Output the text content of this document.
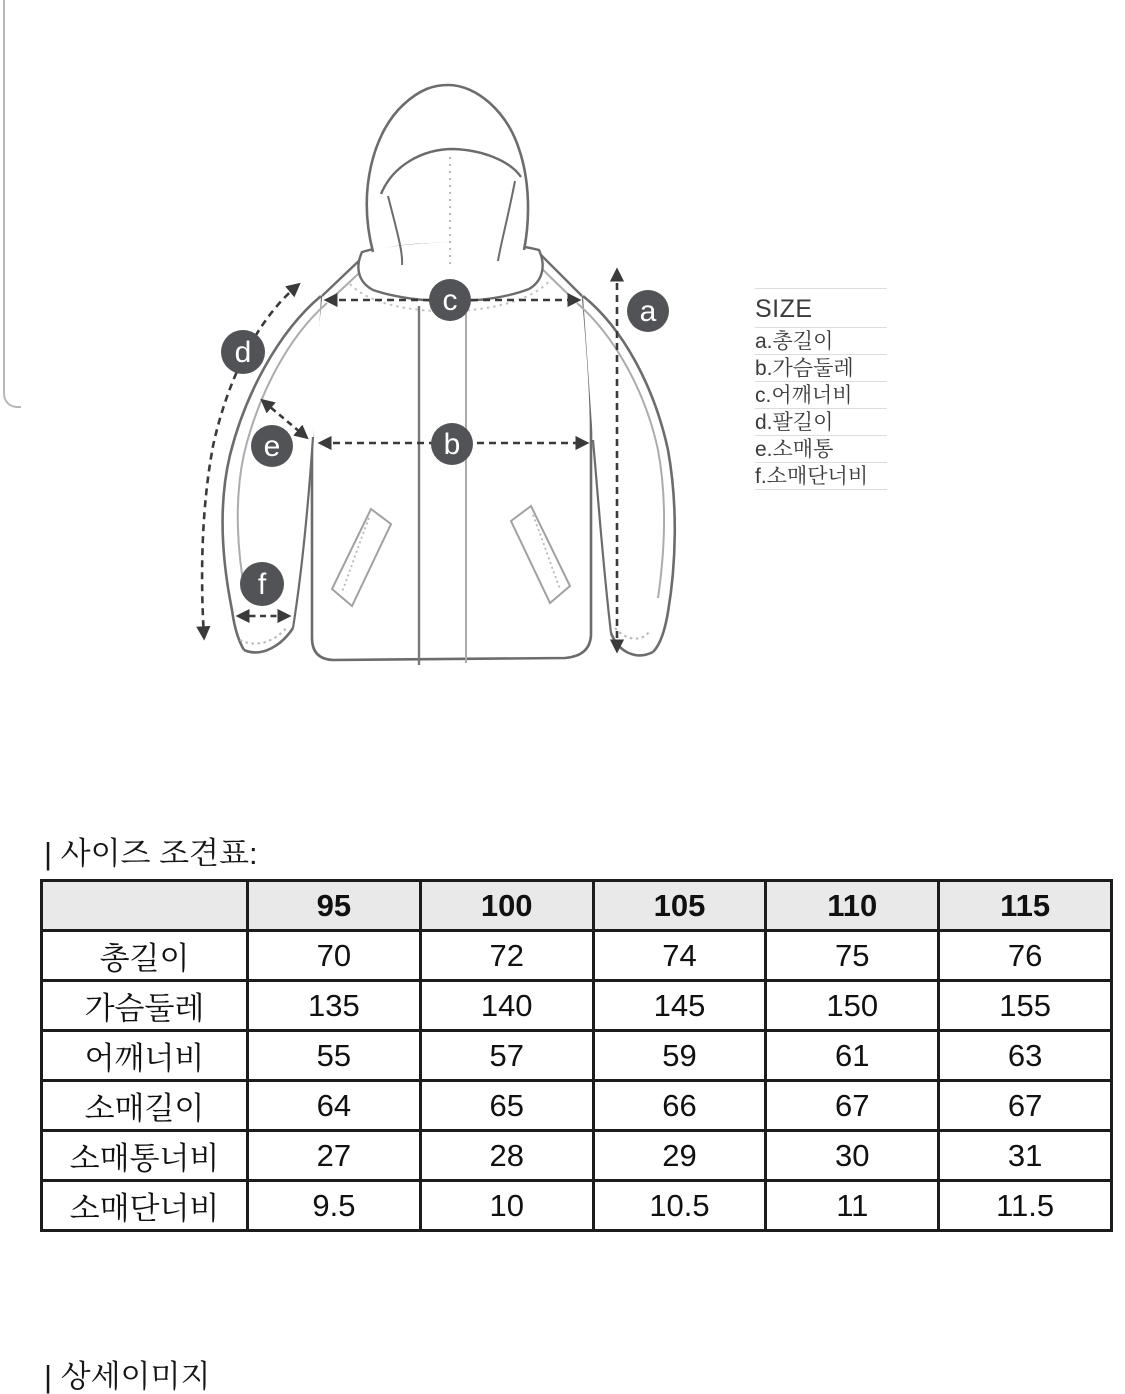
a
b
c
d
e
f
SIZE
a.총길이
b.가슴둘레
c.어깨너비
d.팔길이
e.소매통
f.소매단너비
| 사이즈 조견표:
	95	100	105	110	115
총길이	70	72	74	75	76
가슴둘레	135	140	145	150	155
어깨너비	55	57	59	61	63
소매길이	64	65	66	67	67
소매통너비	27	28	29	30	31
소매단너비	9.5	10	10.5	11	11.5
| 상세이미지
